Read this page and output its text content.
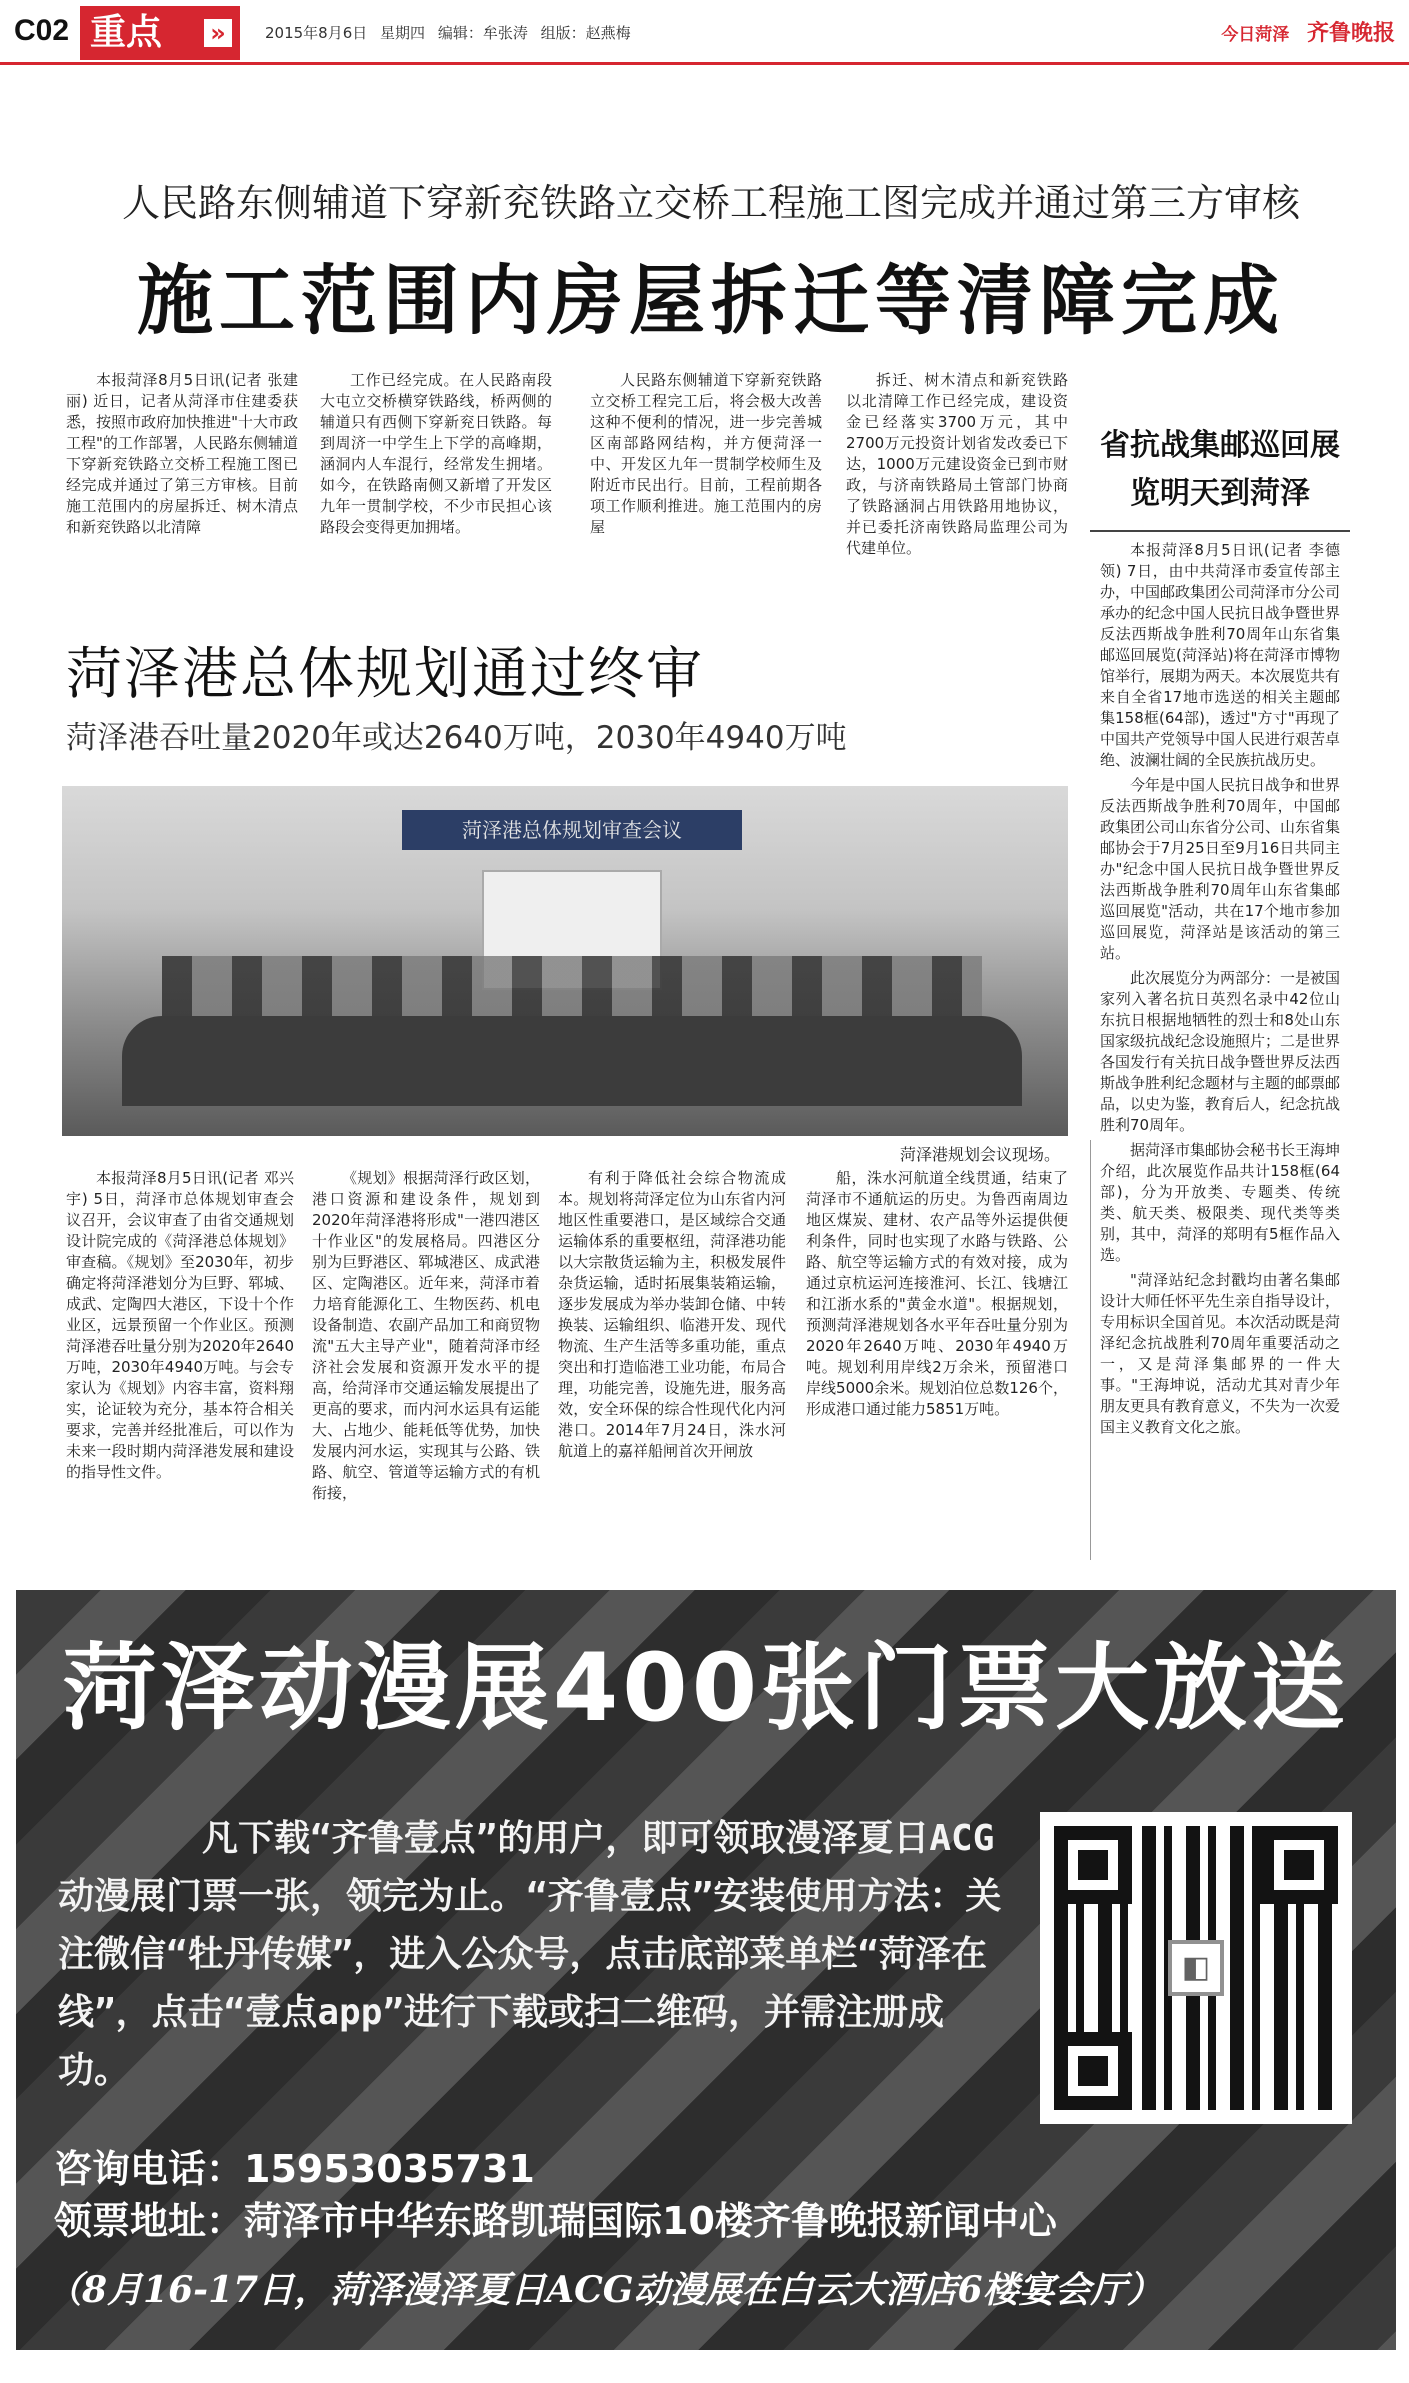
C02 重点 »	2015年8月6日 星期四 编辑：牟张涛 组版：赵燕梅	今日菏泽 齐鲁晚报
人民路东侧辅道下穿新兖铁路立交桥工程施工图完成并通过第三方审核
施工范围内房屋拆迁等清障完成
本报菏泽8月5日讯(记者 张建丽) 近日，记者从菏泽市住建委获悉，按照市政府加快推进"十大市政工程"的工作部署，人民路东侧辅道下穿新兖铁路立交桥工程施工图已经完成并通过了第三方审核。目前施工范围内的房屋拆迁、树木清点和新兖铁路以北清障
工作已经完成。在人民路南段大屯立交桥横穿铁路线，桥两侧的辅道只有西侧下穿新兖日铁路。每到周济一中学生上下学的高峰期，涵洞内人车混行，经常发生拥堵。如今，在铁路南侧又新增了开发区九年一贯制学校，不少市民担心该路段会变得更加拥堵。
人民路东侧辅道下穿新兖铁路立交桥工程完工后，将会极大改善这种不便利的情况，进一步完善城区南部路网结构，并方便菏泽一中、开发区九年一贯制学校师生及附近市民出行。目前，工程前期各项工作顺利推进。施工范围内的房屋
拆迁、树木清点和新兖铁路以北清障工作已经完成，建设资金已经落实3700万元，其中2700万元投资计划省发改委已下达，1000万元建设资金已到市财政，与济南铁路局土管部门协商了铁路涵洞占用铁路用地协议，并已委托济南铁路局监理公司为代建单位。
省抗战集邮巡回展览明天到菏泽

本报菏泽8月5日讯(记者 李德领) 7日，由中共菏泽市委宣传部主办，中国邮政集团公司菏泽市分公司承办的纪念中国人民抗日战争暨世界反法西斯战争胜利70周年山东省集邮巡回展览(菏泽站)将在菏泽市博物馆举行，展期为两天。本次展览共有来自全省17地市选送的相关主题邮集158框(64部)，透过"方寸"再现了中国共产党领导中国人民进行艰苦卓绝、波澜壮阔的全民族抗战历史。

今年是中国人民抗日战争和世界反法西斯战争胜利70周年，中国邮政集团公司山东省分公司、山东省集邮协会于7月25日至9月16日共同主办"纪念中国人民抗日战争暨世界反法西斯战争胜利70周年山东省集邮巡回展览"活动，共在17个地市参加巡回展览，菏泽站是该活动的第三站。

此次展览分为两部分：一是被国家列入著名抗日英烈名录中42位山东抗日根据地牺牲的烈士和8处山东国家级抗战纪念设施照片；二是世界各国发行有关抗日战争暨世界反法西斯战争胜利纪念题材与主题的邮票邮品，以史为鉴，教育后人，纪念抗战胜利70周年。

据菏泽市集邮协会秘书长王海坤介绍，此次展览作品共计158框(64部)，分为开放类、专题类、传统类、航天类、极限类、现代类等类别，其中，菏泽的郑明有5框作品入选。

"菏泽站纪念封戳均由著名集邮设计大师任怀平先生亲自指导设计，专用标识全国首见。本次活动既是菏泽纪念抗战胜利70周年重要活动之一，又是菏泽集邮界的一件大事。"王海坤说，活动尤其对青少年朋友更具有教育意义，不失为一次爱国主义教育文化之旅。

菏泽港总体规划通过终审
菏泽港吞吐量2020年或达2640万吨，2030年4940万吨
菏泽港总体规划审查会议
菏泽港规划会议现场。
本报菏泽8月5日讯(记者 邓兴宇) 5日，菏泽市总体规划审查会议召开，会议审查了由省交通规划设计院完成的《菏泽港总体规划》审查稿。《规划》至2030年，初步确定将菏泽港划分为巨野、郓城、成武、定陶四大港区，下设十个作业区，远景预留一个作业区。预测菏泽港吞吐量分别为2020年2640万吨，2030年4940万吨。与会专家认为《规划》内容丰富，资料翔实，论证较为充分，基本符合相关要求，完善并经批准后，可以作为未来一段时期内菏泽港发展和建设的指导性文件。
《规划》根据菏泽行政区划，港口资源和建设条件，规划到2020年菏泽港将形成"一港四港区十作业区"的发展格局。四港区分别为巨野港区、郓城港区、成武港区、定陶港区。近年来，菏泽市着力培育能源化工、生物医药、机电设备制造、农副产品加工和商贸物流"五大主导产业"，随着菏泽市经济社会发展和资源开发水平的提高，给菏泽市交通运输发展提出了更高的要求，而内河水运具有运能大、占地少、能耗低等优势，加快发展内河水运，实现其与公路、铁路、航空、管道等运输方式的有机衔接，
有利于降低社会综合物流成本。规划将菏泽定位为山东省内河地区性重要港口，是区域综合交通运输体系的重要枢纽，菏泽港功能以大宗散货运输为主，积极发展件杂货运输，适时拓展集装箱运输，逐步发展成为举办装卸仓储、中转换装、运输组织、临港开发、现代物流、生产生活等多重功能，重点突出和打造临港工业功能，布局合理，功能完善，设施先进，服务高效，安全环保的综合性现代化内河港口。2014年7月24日，洙水河航道上的嘉祥船闸首次开闸放
船，洙水河航道全线贯通，结束了菏泽市不通航运的历史。为鲁西南周边地区煤炭、建材、农产品等外运提供便利条件，同时也实现了水路与铁路、公路、航空等运输方式的有效对接，成为通过京杭运河连接淮河、长江、钱塘江和江浙水系的"黄金水道"。根据规划，预测菏泽港规划各水平年吞吐量分别为2020年2640万吨、2030年4940万吨。规划利用岸线2万余米，预留港口岸线5000余米。规划泊位总数126个，形成港口通过能力5851万吨。
菏泽动漫展400张门票大放送
凡下载“齐鲁壹点”的用户，即可领取漫泽夏日ACG动漫展门票一张，领完为止。“齐鲁壹点”安装使用方法：关注微信“牡丹传媒”，进入公众号，点击底部菜单栏“菏泽在线”，点击“壹点app”进行下载或扫二维码，并需注册成功。
◧
咨询电话：15953035731
领票地址：菏泽市中华东路凯瑞国际10楼齐鲁晚报新闻中心
（8月16-17日，菏泽漫泽夏日ACG动漫展在白云大酒店6楼宴会厅）
